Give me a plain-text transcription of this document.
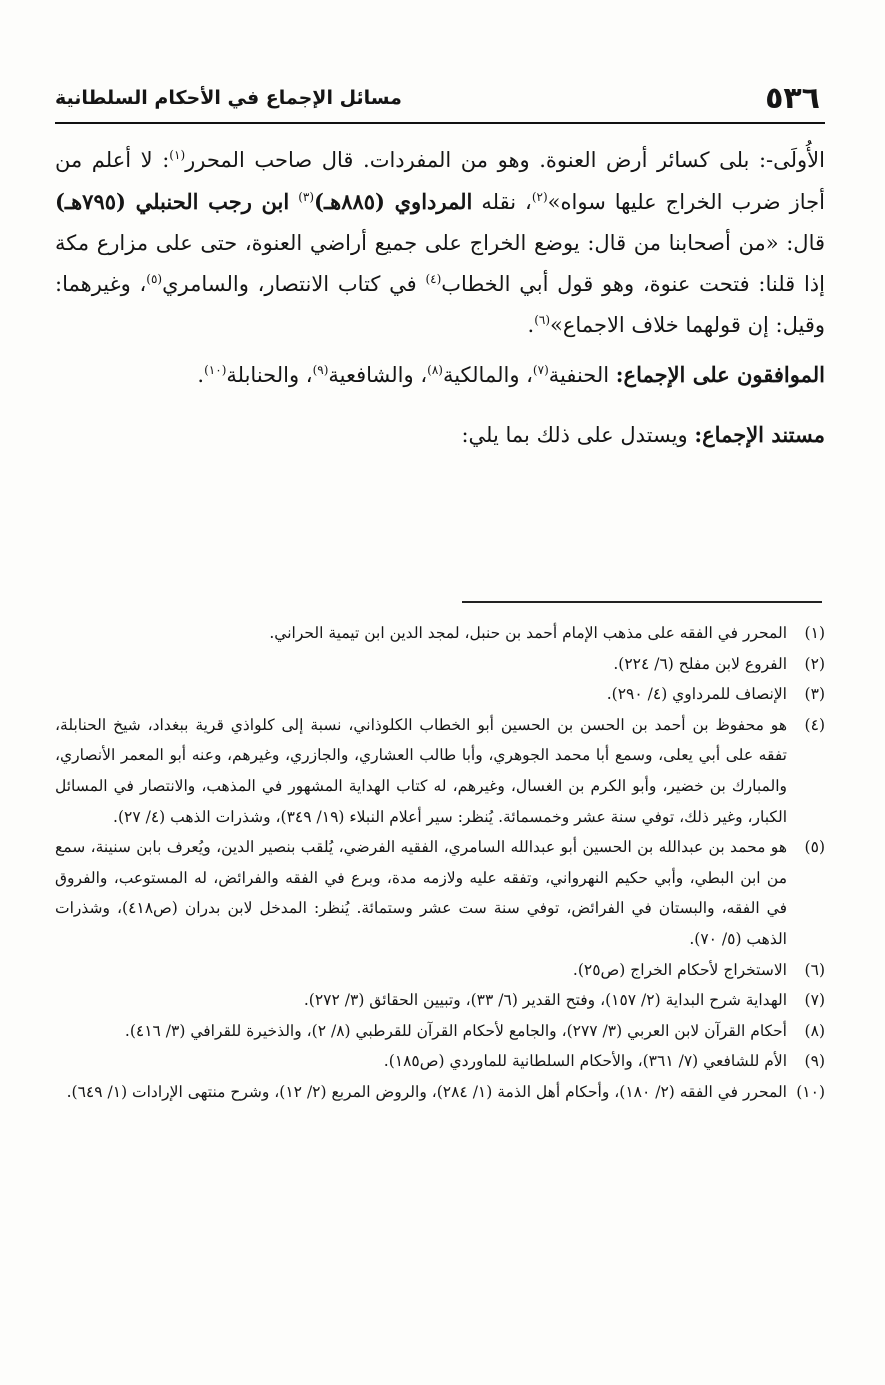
٥٣٦
مسائل الإجماع في الأحكام السلطانية

الأُولَى-: بلى كسائر أرض العنوة. وهو من المفردات. قال صاحب المحرر$^{(١)}$: لا أعلم من أجاز ضرب الخراج عليها سواه»$^{(٢)}$، نقله المرداوي (٨٨٥هـ)$^{(٣)}$ ابن رجب الحنبلي (٧٩٥هـ) قال: «من أصحابنا من قال: يوضع الخراج على جميع أراضي العنوة، حتى على مزارع مكة إذا قلنا: فتحت عنوة، وهو قول أبي الخطاب$^{(٤)}$ في كتاب الانتصار، والسامري$^{(٥)}$، وغيرهما: وقيل: إن قولهما خلاف الاجماع»$^{(٦)}$.

الموافقون على الإجماع: الحنفية$^{(٧)}$، والمالكية$^{(٨)}$، والشافعية$^{(٩)}$، والحنابلة$^{(١٠)}$.

مستند الإجماع: ويستدل على ذلك بما يلي:

(١)
المحرر في الفقه على مذهب الإمام أحمد بن حنبل، لمجد الدين ابن تيمية الحراني.
(٢)
الفروع لابن مفلح (٦/ ٢٢٤).
(٣)
الإنصاف للمرداوي (٤/ ٢٩٠).
(٤)
هو محفوظ بن أحمد بن الحسن بن الحسين أبو الخطاب الكلوذاني، نسبة إلى كلواذي قرية ببغداد، شيخ الحنابلة، تفقه على أبي يعلى، وسمع أبا محمد الجوهري، وأبا طالب العشاري، والجازري، وغيرهم، وعنه أبو المعمر الأنصاري، والمبارك بن خضير، وأبو الكرم بن الغسال، وغيرهم، له كتاب الهداية المشهور في المذهب، والانتصار في المسائل الكبار، وغير ذلك، توفي سنة عشر وخمسمائة. يُنظر: سير أعلام النبلاء (١٩/ ٣٤٩)، وشذرات الذهب (٤/ ٢٧).
(٥)
هو محمد بن عبدالله بن الحسين أبو عبدالله السامري، الفقيه الفرضي، يُلقب بنصير الدين، ويُعرف بابن سنينة، سمع من ابن البطي، وأبي حكيم النهرواني، وتفقه عليه ولازمه مدة، وبرع في الفقه والفرائض، له المستوعب، والفروق في الفقه، والبستان في الفرائض، توفي سنة ست عشر وستمائة. يُنظر: المدخل لابن بدران (ص٤١٨)، وشذرات الذهب (٥/ ٧٠).
(٦)
الاستخراج لأحكام الخراج (ص٢٥).
(٧)
الهداية شرح البداية (٢/ ١٥٧)، وفتح القدير (٦/ ٣٣)، وتبيين الحقائق (٣/ ٢٧٢).
(٨)
أحكام القرآن لابن العربي (٣/ ٢٧٧)، والجامع لأحكام القرآن للقرطبي (٨/ ٢)، والذخيرة للقرافي (٣/ ٤١٦).
(٩)
الأم للشافعي (٧/ ٣٦١)، والأحكام السلطانية للماوردي (ص١٨٥).
(١٠)
المحرر في الفقه (٢/ ١٨٠)، وأحكام أهل الذمة (١/ ٢٨٤)، والروض المربع (٢/ ١٢)، وشرح منتهى الإرادات (١/ ٦٤٩).
